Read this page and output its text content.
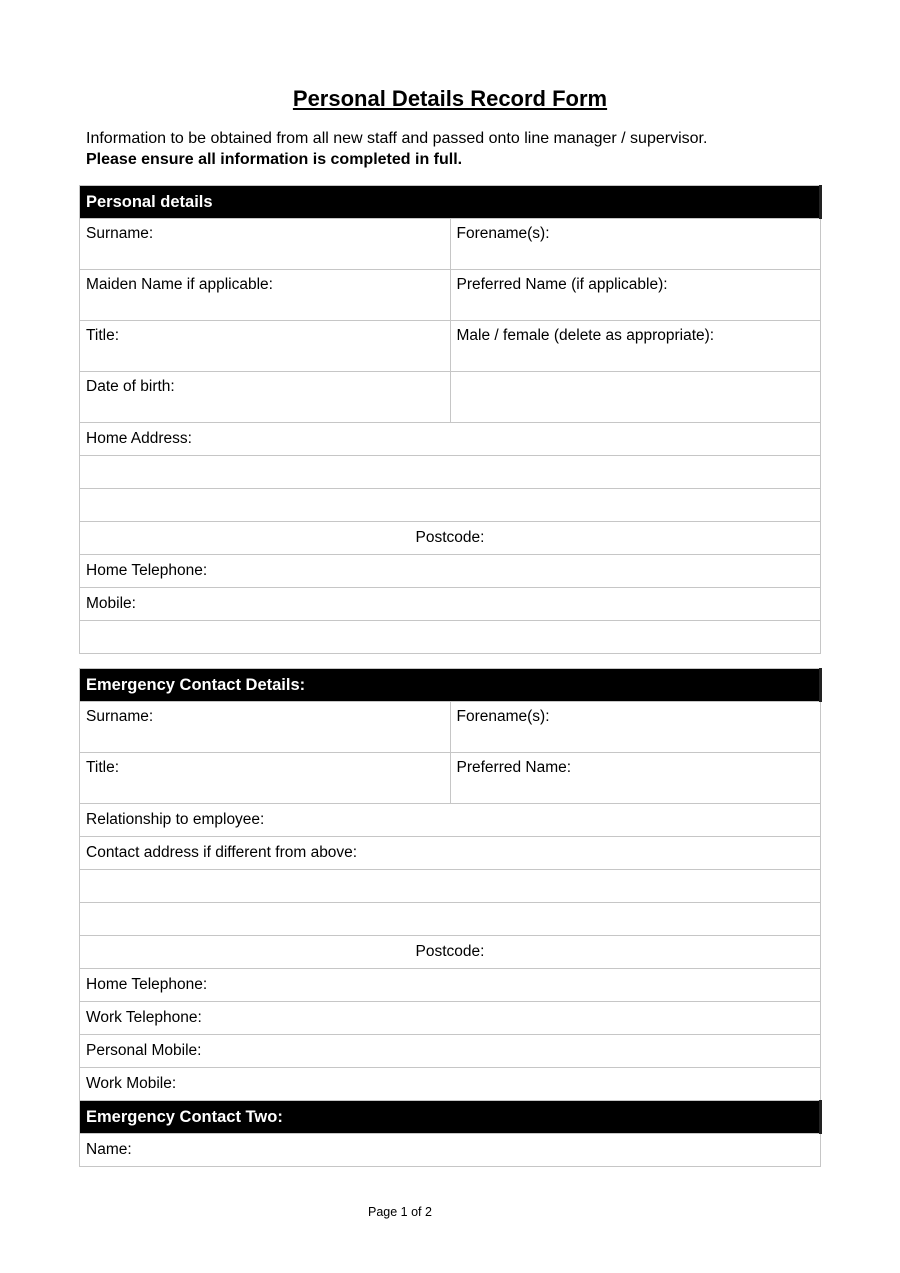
Personal Details Record Form
Information to be obtained from all new staff and passed onto line manager / supervisor.
Please ensure all information is completed in full.
Personal details	
Surname:	Forename(s):
Maiden Name if applicable:	Preferred Name (if applicable):
Title:	Male / female (delete as appropriate):
Date of birth:	
Home Address:	

Postcode:	
Home Telephone:	
Mobile:	

Emergency Contact Details:	
Surname:	Forename(s):
Title:	Preferred Name:
Relationship to employee:	
Contact address if different from above:	

Postcode:	
Home Telephone:	
Work Telephone:	
Personal Mobile:	
Work Mobile:	
Emergency Contact Two:	
Name:	
Page 1 of 2
